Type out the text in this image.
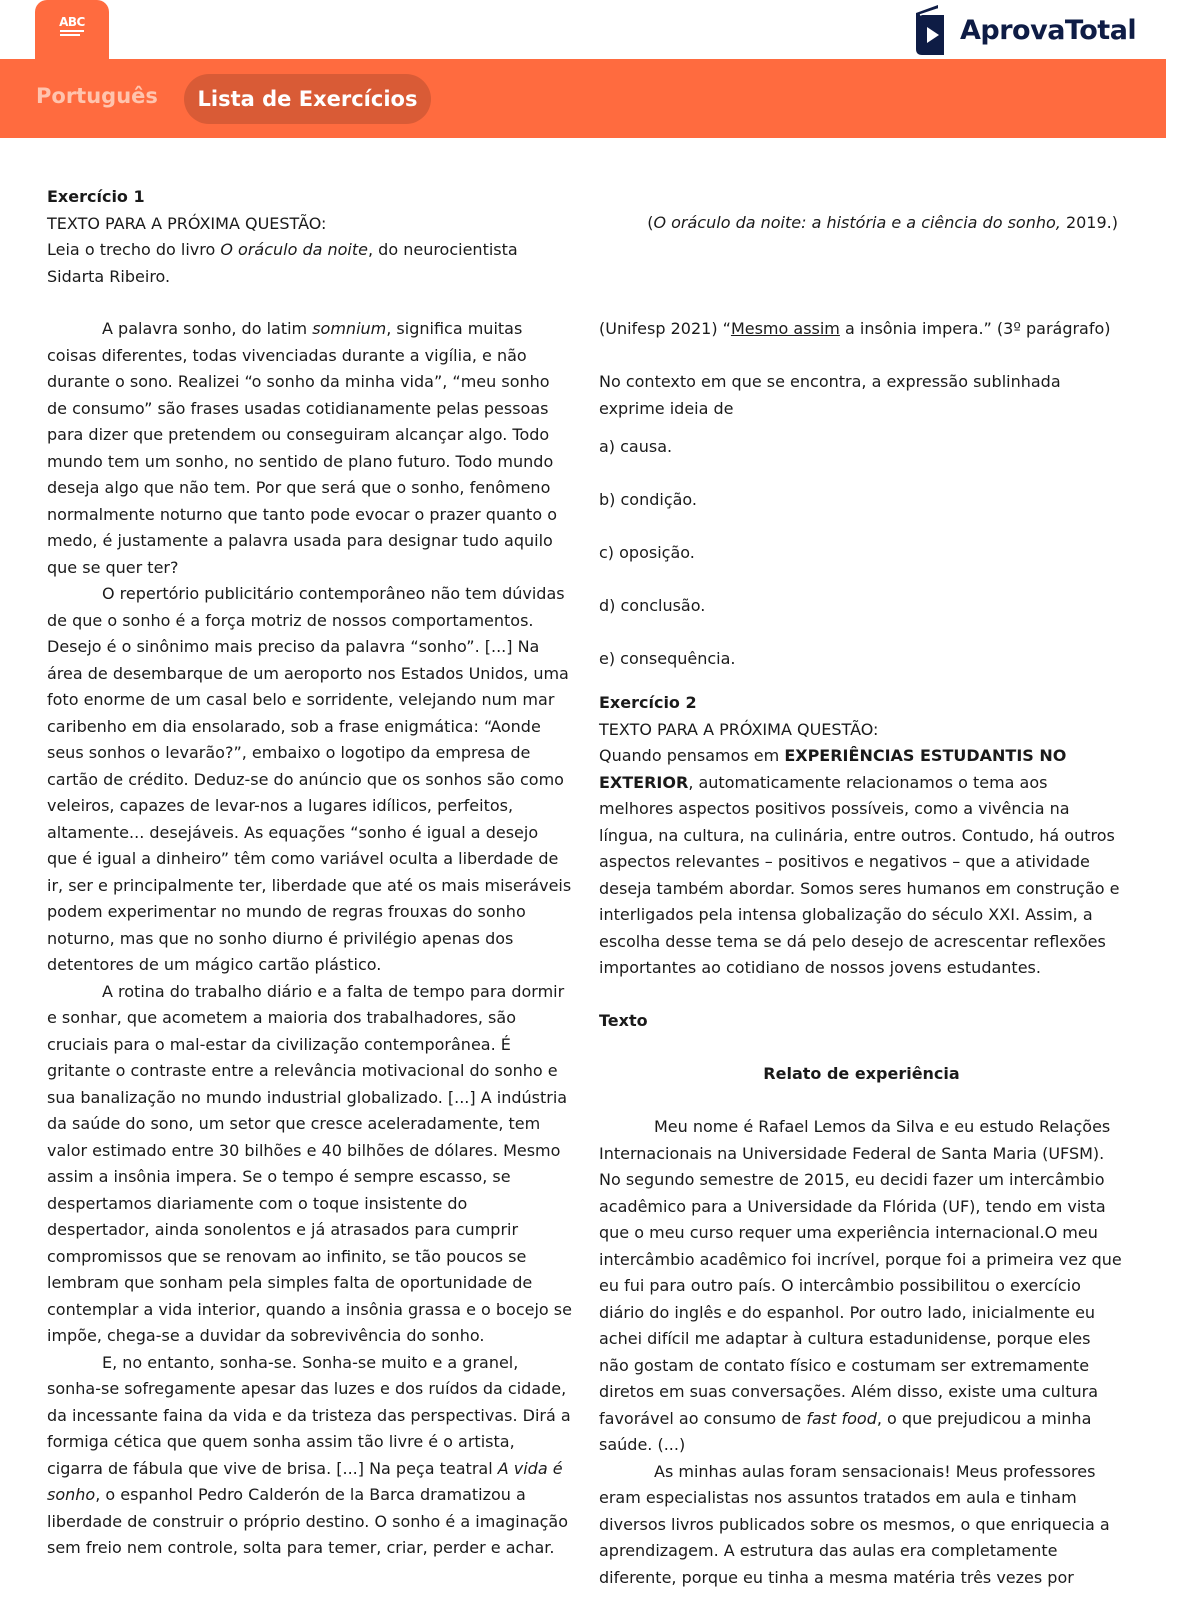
ABC	AprovaTotal
Português	Lista de Exercícios
Exercício 1
TEXTO PARA A PRÓXIMA QUESTÃO:
Leia o trecho do livro O oráculo da noite, do neurocientista Sidarta Ribeiro.

A palavra sonho, do latim somnium, significa muitas coisas diferentes, todas vivenciadas durante a vigília, e não durante o sono. Realizei “o sonho da minha vida”, “meu sonho de consumo” são frases usadas cotidianamente pelas pessoas para dizer que pretendem ou conseguiram alcançar algo. Todo mundo tem um sonho, no sentido de plano futuro. Todo mundo deseja algo que não tem. Por que será que o sonho, fenômeno normalmente noturno que tanto pode evocar o prazer quanto o medo, é justamente a palavra usada para designar tudo aquilo que se quer ter?

O repertório publicitário contemporâneo não tem dúvidas de que o sonho é a força motriz de nossos comportamentos. Desejo é o sinônimo mais preciso da palavra “sonho”. [...] Na área de desembarque de um aeroporto nos Estados Unidos, uma foto enorme de um casal belo e sorridente, velejando num mar caribenho em dia ensolarado, sob a frase enigmática: “Aonde seus sonhos o levarão?”, embaixo o logotipo da empresa de cartão de crédito. Deduz-se do anúncio que os sonhos são como veleiros, capazes de levar-nos a lugares idílicos, perfeitos, altamente... desejáveis. As equações “sonho é igual a desejo que é igual a dinheiro” têm como variável oculta a liberdade de ir, ser e principalmente ter, liberdade que até os mais miseráveis podem experimentar no mundo de regras frouxas do sonho noturno, mas que no sonho diurno é privilégio apenas dos detentores de um mágico cartão plástico.

A rotina do trabalho diário e a falta de tempo para dormir e sonhar, que acometem a maioria dos trabalhadores, são cruciais para o mal-estar da civilização contemporânea. É gritante o contraste entre a relevância motivacional do sonho e sua banalização no mundo industrial globalizado. [...] A indústria da saúde do sono, um setor que cresce aceleradamente, tem valor estimado entre 30 bilhões e 40 bilhões de dólares. Mesmo assim a insônia impera. Se o tempo é sempre escasso, se despertamos diariamente com o toque insistente do despertador, ainda sonolentos e já atrasados para cumprir compromissos que se renovam ao infinito, se tão poucos se lembram que sonham pela simples falta de oportunidade de contemplar a vida interior, quando a insônia grassa e o bocejo se impõe, chega-se a duvidar da sobrevivência do sonho.

E, no entanto, sonha-se. Sonha-se muito e a granel, sonha-se sofregamente apesar das luzes e dos ruídos da cidade, da incessante faina da vida e da tristeza das perspectivas. Dirá a formiga cética que quem sonha assim tão livre é o artista, cigarra de fábula que vive de brisa. [...] Na peça teatral A vida é sonho, o espanhol Pedro Calderón de la Barca dramatizou a liberdade de construir o próprio destino. O sonho é a imaginação sem freio nem controle, solta para temer, criar, perder e achar.

(O oráculo da noite: a história e a ciência do sonho, 2019.)
(Unifesp 2021) “Mesmo assim a insônia impera.” (3º parágrafo)
No contexto em que se encontra, a expressão sublinhada exprime ideia de
a) causa.
b) condição.
c) oposição.
d) conclusão.
e) consequência.
Exercício 2
TEXTO PARA A PRÓXIMA QUESTÃO:
Quando pensamos em EXPERIÊNCIAS ESTUDANTIS NO EXTERIOR, automaticamente relacionamos o tema aos melhores aspectos positivos possíveis, como a vivência na língua, na cultura, na culinária, entre outros. Contudo, há outros aspectos relevantes – positivos e negativos – que a atividade deseja também abordar. Somos seres humanos em construção e interligados pela intensa globalização do século XXI. Assim, a escolha desse tema se dá pelo desejo de acrescentar reflexões importantes ao cotidiano de nossos jovens estudantes.
Texto
Relato de experiência

Meu nome é Rafael Lemos da Silva e eu estudo Relações Internacionais na Universidade Federal de Santa Maria (UFSM). No segundo semestre de 2015, eu decidi fazer um intercâmbio acadêmico para a Universidade da Flórida (UF), tendo em vista que o meu curso requer uma experiência internacional.O meu intercâmbio acadêmico foi incrível, porque foi a primeira vez que eu fui para outro país. O intercâmbio possibilitou o exercício diário do inglês e do espanhol. Por outro lado, inicialmente eu achei difícil me adaptar à cultura estadunidense, porque eles não gostam de contato físico e costumam ser extremamente diretos em suas conversações. Além disso, existe uma cultura favorável ao consumo de fast food, o que prejudicou a minha saúde. (...)

As minhas aulas foram sensacionais! Meus professores eram especialistas nos assuntos tratados em aula e tinham diversos livros publicados sobre os mesmos, o que enriquecia a aprendizagem. A estrutura das aulas era completamente diferente, porque eu tinha a mesma matéria três vezes por
